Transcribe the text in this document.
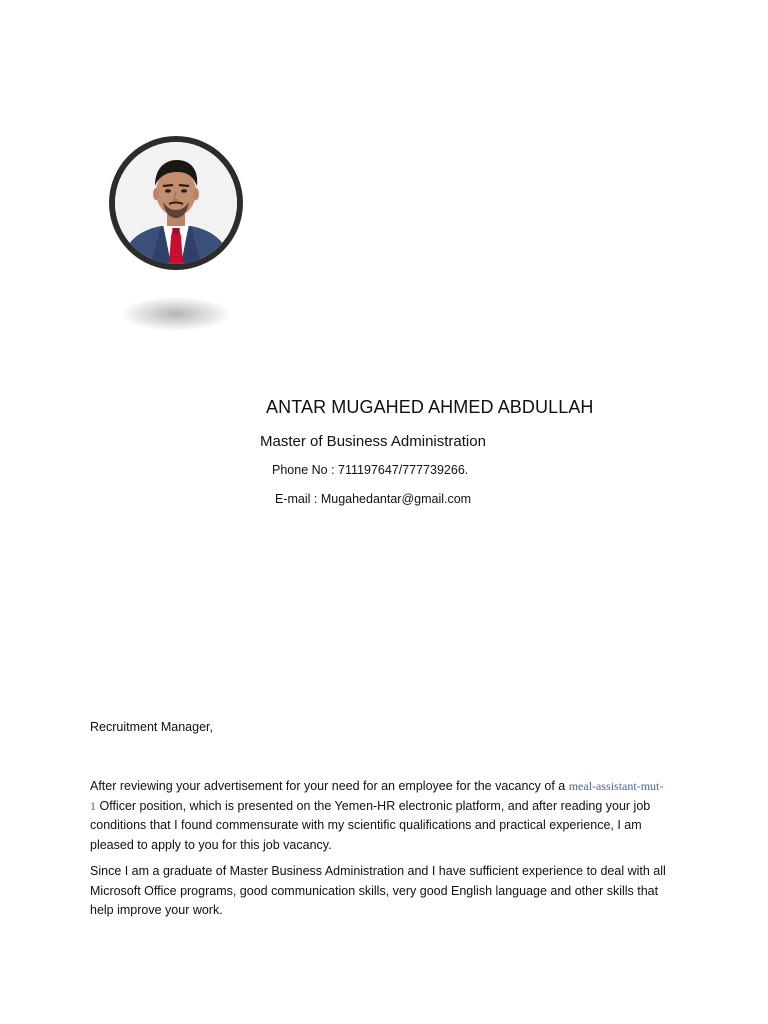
ANTAR MUGAHED AHMED ABDULLAH
Master of Business Administration
Phone No : 711197647/777739266.
E-mail : Mugahedantar@gmail.com
Recruitment Manager,
After reviewing your advertisement for your need for an employee for the vacancy of a meal-assistant-mut-
1 Officer position, which is presented on the Yemen-HR electronic platform, and after reading your job
conditions that I found commensurate with my scientific qualifications and practical experience, I am
pleased to apply to you for this job vacancy.
Since I am a graduate of Master Business Administration and I have sufficient experience to deal with all
Microsoft Office programs, good communication skills, very good English language and other skills that
help improve your work.
